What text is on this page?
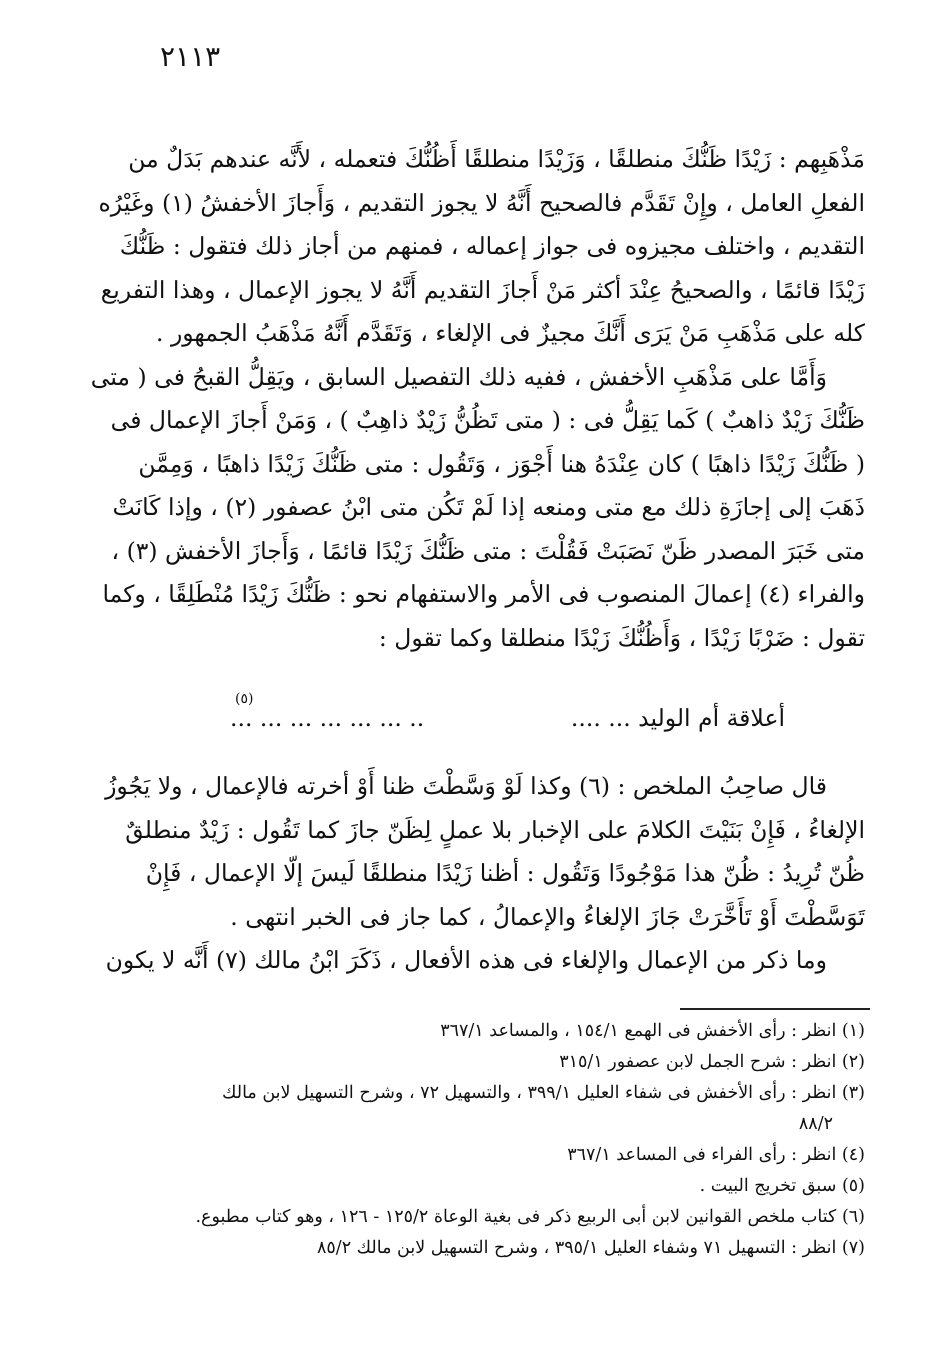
٢١١٣
مَذْهَبِهم : زَيْدًا ظَنُّكَ منطلقًا ، وَزَيْدًا منطلقًا أَظُنُّكَ فتعمله ، لأَنَّه عندهم بَدَلٌ من
الفعلِ العامل ، وإِنْ تَقَدَّم فالصحيح أَنَّهُ لا يجوز التقديم ، وَأَجازَ الأخفشُ (١) وغَيْرُه
التقديم ، واختلف مجيزوه فى جواز إعماله ، فمنهم من أجاز ذلك فتقول : ظَنُّكَ
زَيْدًا قائمًا ، والصحيحُ عِنْدَ أكثر مَنْ أَجازَ التقديم أَنَّهُ لا يجوز الإعمال ، وهذا التفريع
كله على مَذْهَبِ مَنْ يَرَى أَنَّكَ مجيزٌ فى الإلغاء ، وَتَقَدَّم أَنَّهُ مَذْهَبُ الجمهور .
وَأَمَّا على مَذْهَبِ الأخفش ، ففيه ذلك التفصيل السابق ، ويَقِلُّ القبحُ فى ( متى
ظَنُّكَ زَيْدٌ ذاهبٌ ) كَما يَقِلُّ فى : ( متى تَظُنُّ زَيْدٌ ذاهِبٌ ) ، وَمَنْ أَجازَ الإعمال فى
( ظَنُّكَ زَيْدًا ذاهبًا ) كان عِنْدَهُ هنا أَجْوَز ، وَتَقُول : متى ظَنُّكَ زَيْدًا ذاهبًا ، وَمِمَّن
ذَهَبَ إلى إجازَةِ ذلك مع متى ومنعه إذا لَمْ تَكُن متى ابْنُ عصفور (٢) ، وإذا كَانَتْ
متى خَبَرَ المصدر ظَنّ نَصَبَتْ فَقُلْتَ : متى ظَنُّكَ زَيْدًا قائمًا ، وَأَجازَ الأخفش (٣) ،
والفراء (٤) إعمالَ المنصوب فى الأمر والاستفهام نحو : ظَنُّكَ زَيْدًا مُنْطَلِقًا ، وكما
تقول : ضَرْبًا زَيْدًا ، وَأَظُنُّكَ زَيْدًا منطلقا وكما تقول :
أعلاقة أم الوليد ... ....
.. ... ... ... ... ... ...
(٥)
قال صاحِبُ الملخص : (٦) وكذا لَوْ وَسَّطْتَ ظنا أَوْ أخرته فالإعمال ، ولا يَجُوزُ
الإلغاءُ ، فَإِنْ بَنَيْتَ الكلامَ على الإخبار بلا عملٍ لِظَنّ جازَ كما تَقُول : زَيْدٌ منطلقٌ
ظُنّ تُرِيدُ : ظُنّ هذا مَوْجُودًا وَتَقُول : أظنا زَيْدًا منطلقًا لَيسَ إلّا الإعمال ، فَإِنْ
تَوَسَّطْتَ أَوْ تَأَخَّرَتْ جَازَ الإلغاءُ والإعمالُ ، كما جاز فى الخبر انتهى .
وما ذكر من الإعمال والإلغاء فى هذه الأفعال ، ذَكَرَ ابْنُ مالك (٧) أَنَّه لا يكون
(١) انظر : رأى الأخفش فى الهمع ١٥٤/١ ، والمساعد ٣٦٧/١
(٢) انظر : شرح الجمل لابن عصفور ٣١٥/١
(٣) انظر : رأى الأخفش فى شفاء العليل ٣٩٩/١ ، والتسهيل ٧٢ ، وشرح التسهيل لابن مالك
٨٨/٢
(٤) انظر : رأى الفراء فى المساعد ٣٦٧/١
(٥) سبق تخريج البيت .
(٦) كتاب ملخص القوانين لابن أبى الربيع ذكر فى بغية الوعاة ١٢٥/٢ - ١٢٦ ، وهو كتاب مطبوع.
(٧) انظر : التسهيل ٧١ وشفاء العليل ٣٩٥/١ ، وشرح التسهيل لابن مالك ٨٥/٢
